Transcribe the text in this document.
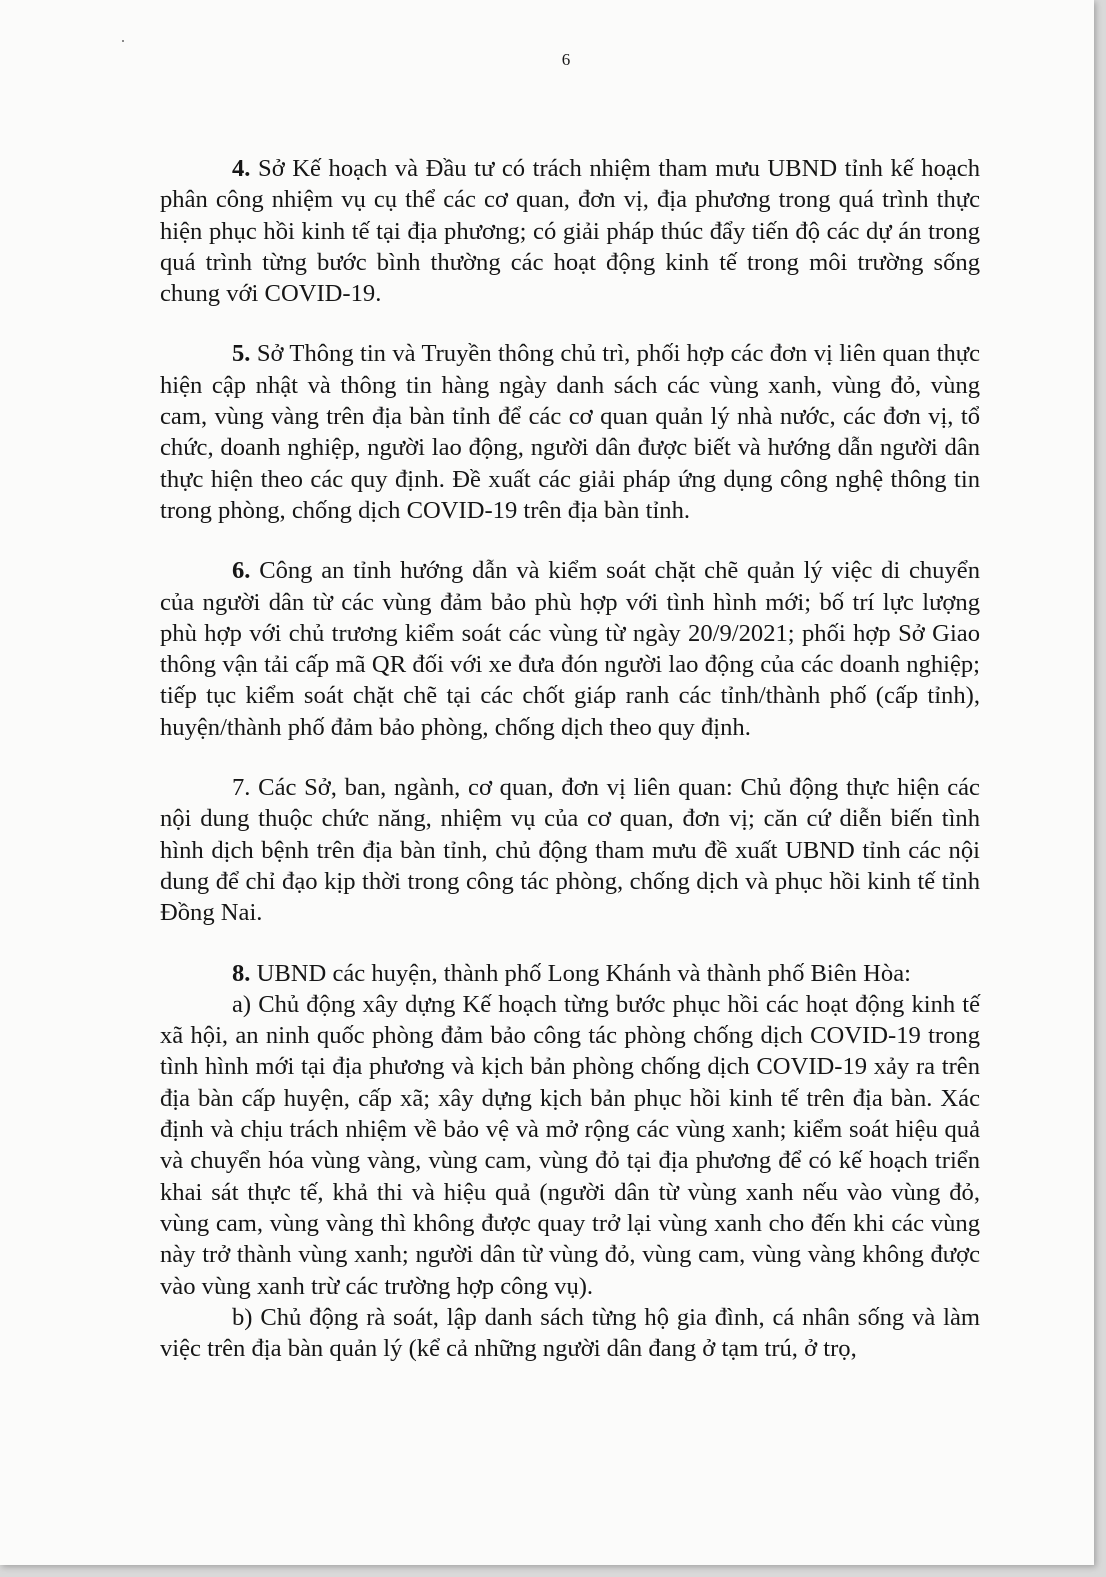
6

4. Sở Kế hoạch và Đầu tư có trách nhiệm tham mưu UBND tỉnh kế hoạch phân công nhiệm vụ cụ thể các cơ quan, đơn vị, địa phương trong quá trình thực hiện phục hồi kinh tế tại địa phương; có giải pháp thúc đẩy tiến độ các dự án trong quá trình từng bước bình thường các hoạt động kinh tế trong môi trường sống chung với COVID-19.

5. Sở Thông tin và Truyền thông chủ trì, phối hợp các đơn vị liên quan thực hiện cập nhật và thông tin hàng ngày danh sách các vùng xanh, vùng đỏ, vùng cam, vùng vàng trên địa bàn tỉnh để các cơ quan quản lý nhà nước, các đơn vị, tổ chức, doanh nghiệp, người lao động, người dân được biết và hướng dẫn người dân thực hiện theo các quy định. Đề xuất các giải pháp ứng dụng công nghệ thông tin trong phòng, chống dịch COVID-19 trên địa bàn tỉnh.

6. Công an tỉnh hướng dẫn và kiểm soát chặt chẽ quản lý việc di chuyển của người dân từ các vùng đảm bảo phù hợp với tình hình mới; bố trí lực lượng phù hợp với chủ trương kiểm soát các vùng từ ngày 20/9/2021; phối hợp Sở Giao thông vận tải cấp mã QR đối với xe đưa đón người lao động của các doanh nghiệp; tiếp tục kiểm soát chặt chẽ tại các chốt giáp ranh các tỉnh/thành phố (cấp tỉnh), huyện/thành phố đảm bảo phòng, chống dịch theo quy định.

7. Các Sở, ban, ngành, cơ quan, đơn vị liên quan: Chủ động thực hiện các nội dung thuộc chức năng, nhiệm vụ của cơ quan, đơn vị; căn cứ diễn biến tình hình dịch bệnh trên địa bàn tỉnh, chủ động tham mưu đề xuất UBND tỉnh các nội dung để chỉ đạo kịp thời trong công tác phòng, chống dịch và phục hồi kinh tế tỉnh Đồng Nai.

8. UBND các huyện, thành phố Long Khánh và thành phố Biên Hòa:

a) Chủ động xây dựng Kế hoạch từng bước phục hồi các hoạt động kinh tế xã hội, an ninh quốc phòng đảm bảo công tác phòng chống dịch COVID-19 trong tình hình mới tại địa phương và kịch bản phòng chống dịch COVID-19 xảy ra trên địa bàn cấp huyện, cấp xã; xây dựng kịch bản phục hồi kinh tế trên địa bàn. Xác định và chịu trách nhiệm về bảo vệ và mở rộng các vùng xanh; kiểm soát hiệu quả và chuyển hóa vùng vàng, vùng cam, vùng đỏ tại địa phương để có kế hoạch triển khai sát thực tế, khả thi và hiệu quả (người dân từ vùng xanh nếu vào vùng đỏ, vùng cam, vùng vàng thì không được quay trở lại vùng xanh cho đến khi các vùng này trở thành vùng xanh; người dân từ vùng đỏ, vùng cam, vùng vàng không được vào vùng xanh trừ các trường hợp công vụ).

b) Chủ động rà soát, lập danh sách từng hộ gia đình, cá nhân sống và làm việc trên địa bàn quản lý (kể cả những người dân đang ở tạm trú, ở trọ,
